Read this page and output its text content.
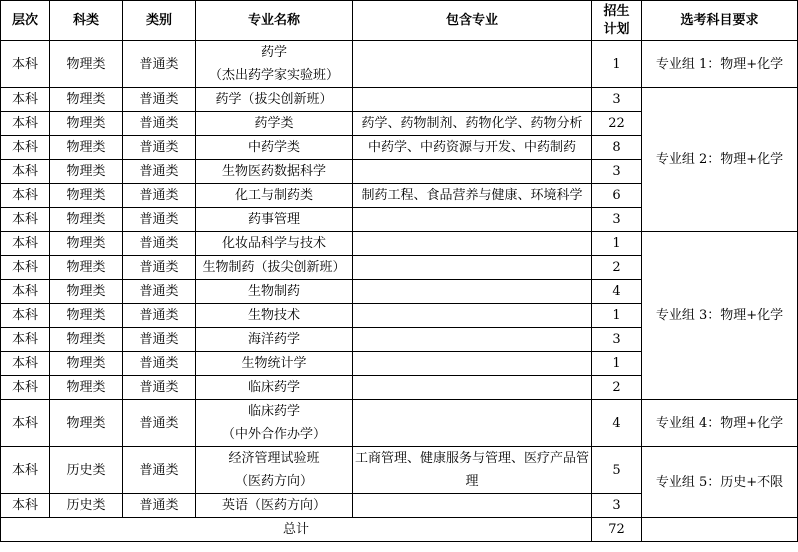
层次	科类	类别	专业名称	包含专业	招生
计划	选考科目要求
本科	物理类	普通类	药学
（杰出药学家实验班）		1	专业组 1：物理+化学
本科	物理类	普通类	药学（拔尖创新班）		3	专业组 2：物理+化学
本科	物理类	普通类	药学类	药学、药物制剂、药物化学、药物分析	22	
本科	物理类	普通类	中药学类	中药学、中药资源与开发、中药制药	8	
本科	物理类	普通类	生物医药数据科学		3	
本科	物理类	普通类	化工与制药类	制药工程、食品营养与健康、环境科学	6	
本科	物理类	普通类	药事管理		3	
本科	物理类	普通类	化妆品科学与技术		1	专业组 3：物理+化学
本科	物理类	普通类	生物制药（拔尖创新班）		2	
本科	物理类	普通类	生物制药		4	
本科	物理类	普通类	生物技术		1	
本科	物理类	普通类	海洋药学		3	
本科	物理类	普通类	生物统计学		1	
本科	物理类	普通类	临床药学		2	
本科	物理类	普通类	临床药学
（中外合作办学）		4	专业组 4：物理+化学
本科	历史类	普通类	经济管理试验班
（医药方向）	工商管理、健康服务与管理、医疗产品管理	5	专业组 5：历史+不限
本科	历史类	普通类	英语（医药方向）		3	
总计					72	
